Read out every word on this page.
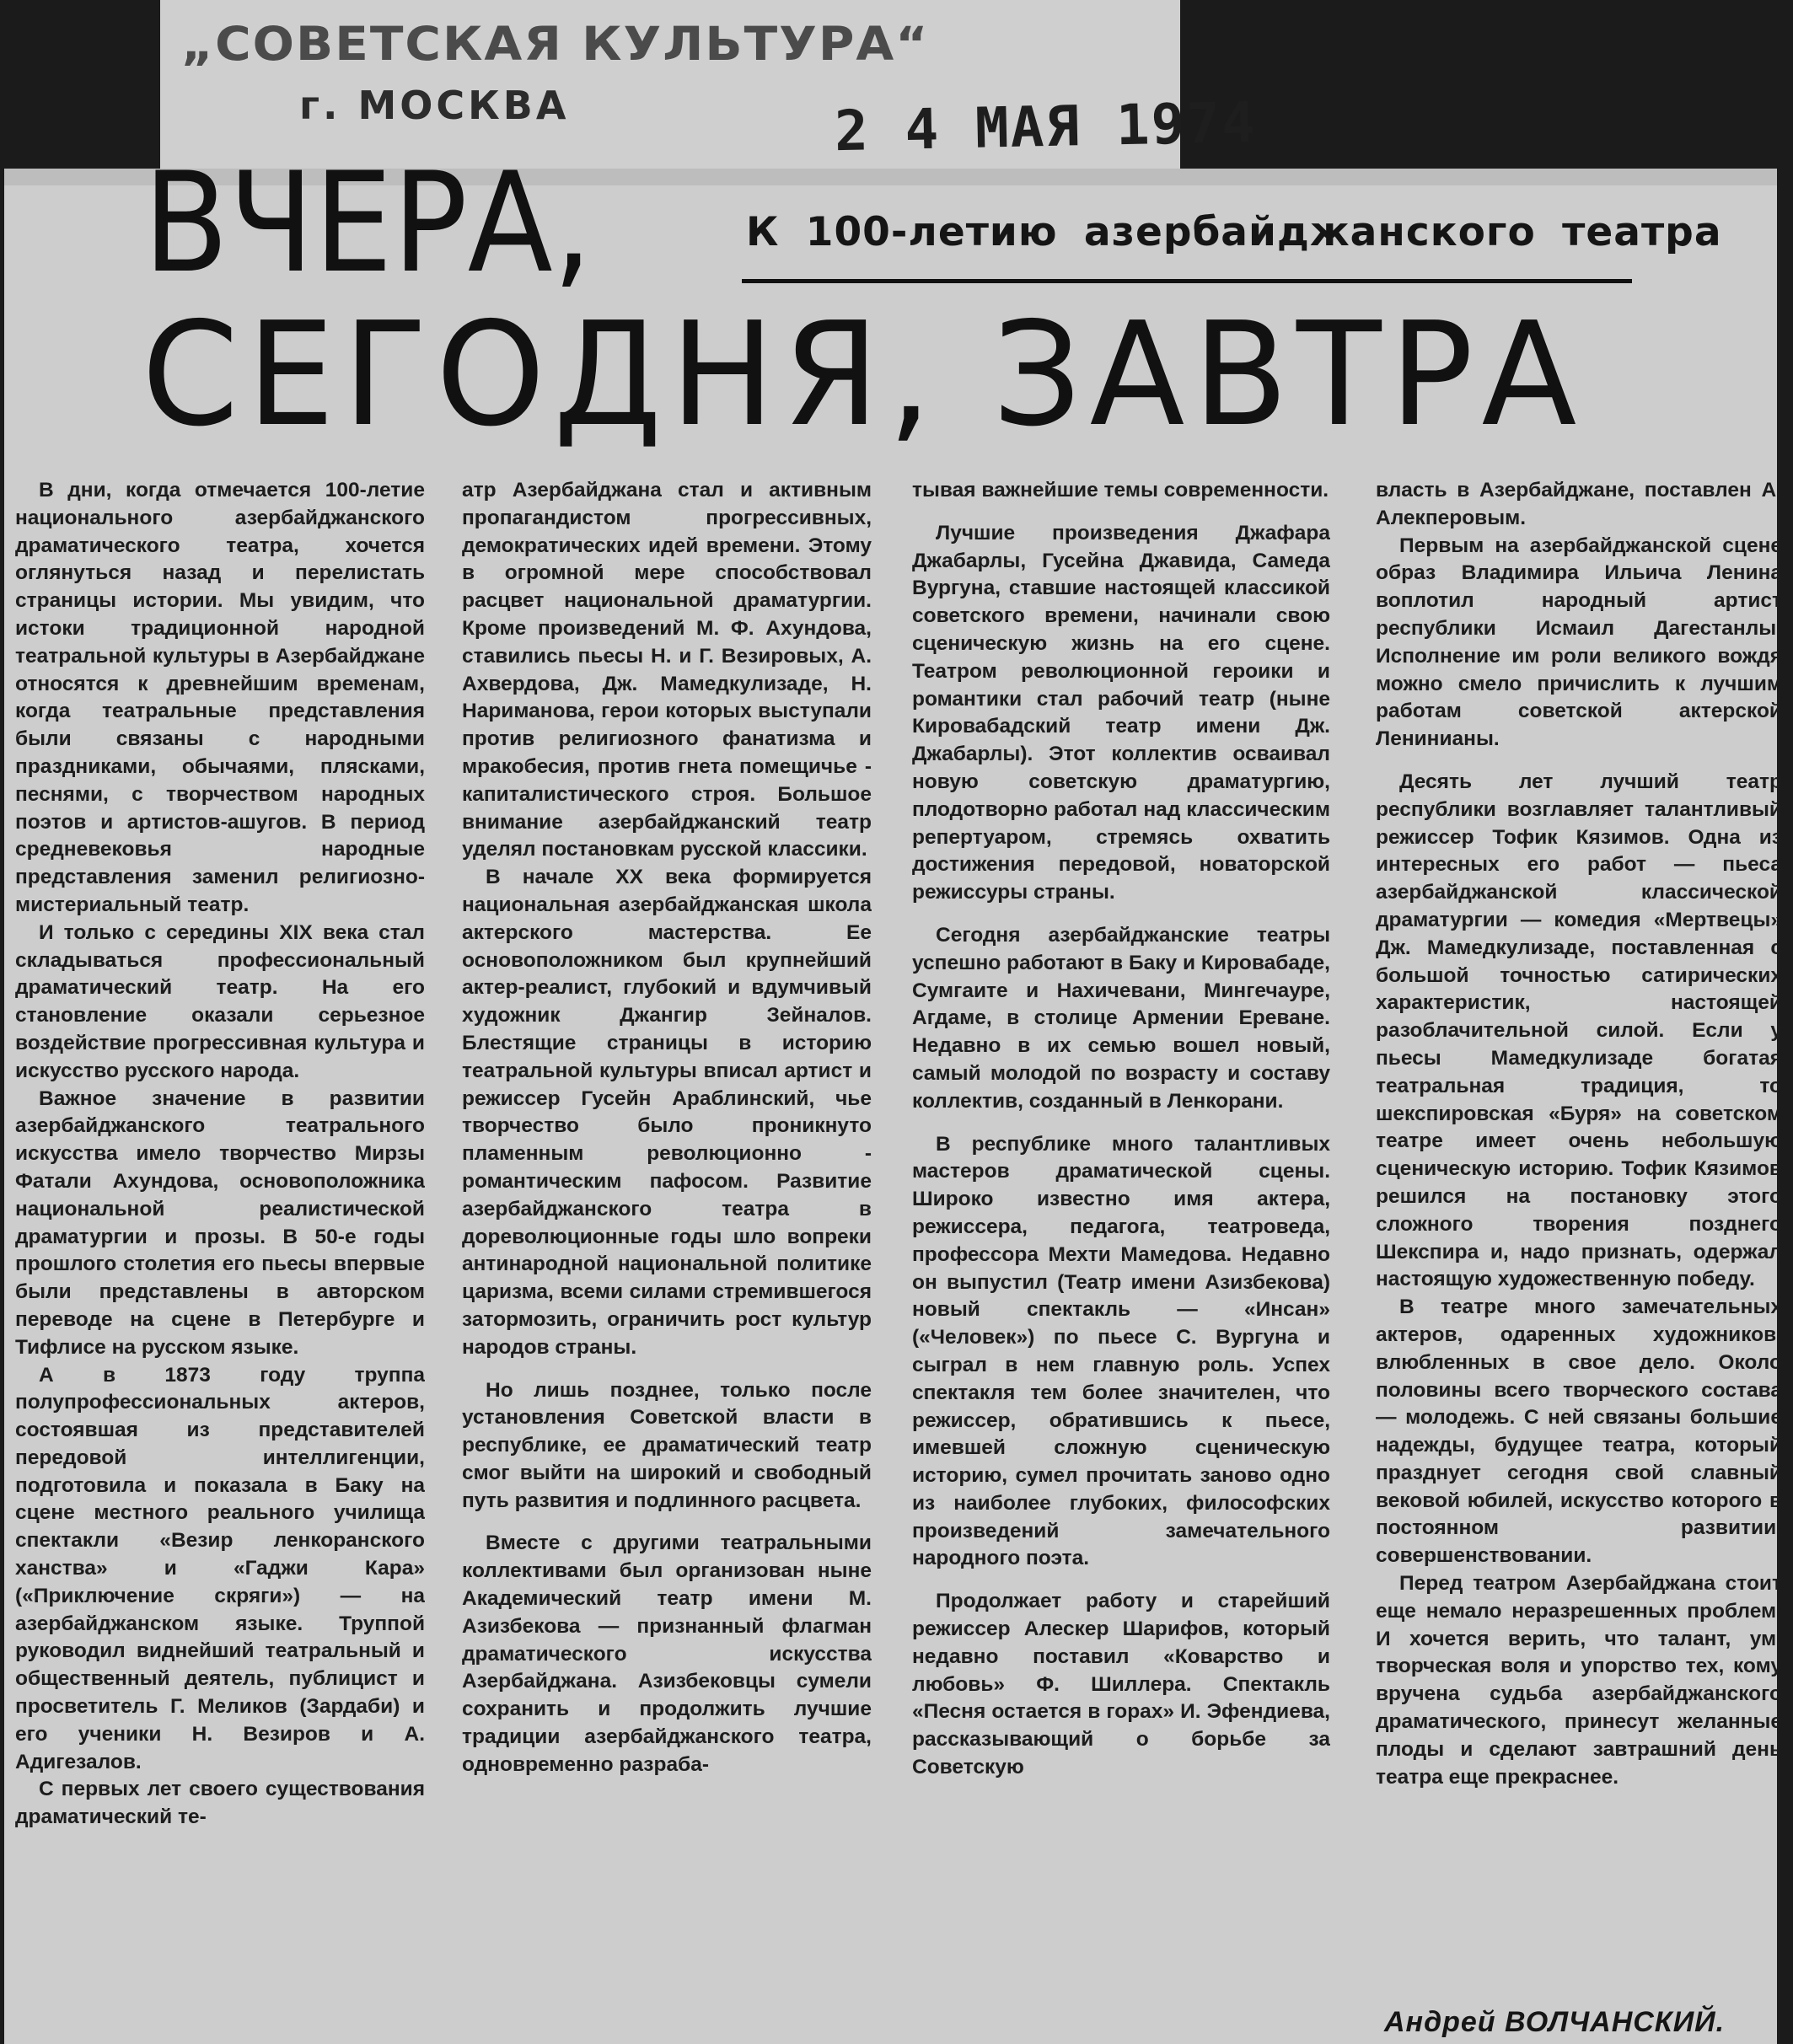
„СОВЕТСКАЯ КУЛЬТУРА“
г. МОСКВА	2 4 МАЯ 1974
ВЧЕРА,	К 100-летию азербайджанского театра
СЕГОДНЯ, ЗАВТРА

В дни, когда отмечается 100-летие национального азербайджанского драматического театра, хочется оглянуться назад и перелистать страницы истории. Мы увидим, что истоки традиционной народной театральной культуры в Азербайджане относятся к древнейшим временам, когда театральные представления были связаны с народными праздниками, обычаями, плясками, песнями, с творчеством народных поэтов и артистов-ашугов. В период средневековья народные представления заменил религиозно-мистериальный театр.

И только с середины XIX века стал складываться профессиональный драматический театр. На его становление оказали серьезное воздействие прогрессивная культура и искусство русского народа.

Важное значение в развитии азербайджанского театрального искусства имело творчество Мирзы Фатали Ахундова, основоположника национальной реалистической драматургии и прозы. В 50-е годы прошлого столетия его пьесы впервые были представлены в авторском переводе на сцене в Петербурге и Тифлисе на русском языке.

А в 1873 году труппа полупрофессиональных актеров, состоявшая из представителей передовой интеллигенции, подготовила и показала в Баку на сцене местного реального училища спектакли «Везир ленкоранского ханства» и «Гаджи Кара» («Приключение скряги») — на азербайджанском языке. Труппой руководил виднейший театральный и общественный деятель, публицист и просветитель Г. Меликов (Зардаби) и его ученики Н. Везиров и А. Адигезалов.

С первых лет своего существования драматический те-

атр Азербайджана стал и активным пропагандистом прогрессивных, демократических идей времени. Этому в огромной мере способствовал расцвет национальной драматургии. Кроме произведений М. Ф. Ахундова, ставились пьесы Н. и Г. Везировых, А. Ахвердова, Дж. Мамедкулизаде, Н. Нариманова, герои которых выступали против религиозного фанатизма и мракобесия, против гнета помещичье - капиталистического строя. Большое внимание азербайджанский театр уделял постановкам русской классики.

В начале XX века формируется национальная азербайджанская школа актерского мастерства. Ее основоположником был крупнейший актер-реалист, глубокий и вдумчивый художник Джангир Зейналов. Блестящие страницы в историю театральной культуры вписал артист и режиссер Гусейн Араблинский, чье творчество было проникнуто пламенным революционно - романтическим пафосом. Развитие азербайджанского театра в дореволюционные годы шло вопреки антинародной национальной политике царизма, всеми силами стремившегося затормозить, ограничить рост культур народов страны.

Но лишь позднее, только после установления Советской власти в республике, ее драматический театр смог выйти на широкий и свободный путь развития и подлинного расцвета.

Вместе с другими театральными коллективами был организован ныне Академический театр имени М. Азизбекова — признанный флагман драматического искусства Азербайджана. Азизбековцы сумели сохранить и продолжить лучшие традиции азербайджанского театра, одновременно разраба-

тывая важнейшие темы современности.

Лучшие произведения Джафара Джабарлы, Гусейна Джавида, Самеда Вургуна, ставшие настоящей классикой советского времени, начинали свою сценическую жизнь на его сцене. Театром революционной героики и романтики стал рабочий театр (ныне Кировабадский театр имени Дж. Джабарлы). Этот коллектив осваивал новую советскую драматургию, плодотворно работал над классическим репертуаром, стремясь охватить достижения передовой, новаторской режиссуры страны.

Сегодня азербайджанские театры успешно работают в Баку и Кировабаде, Сумгаите и Нахичевани, Мингечауре, Агдаме, в столице Армении Ереване. Недавно в их семью вошел новый, самый молодой по возрасту и составу коллектив, созданный в Ленкорани.

В республике много талантливых мастеров драматической сцены. Широко известно имя актера, режиссера, педагога, театроведа, профессора Мехти Мамедова. Недавно он выпустил (Театр имени Азизбекова) новый спектакль — «Инсан» («Человек») по пьесе С. Вургуна и сыграл в нем главную роль. Успех спектакля тем более значителен, что режиссер, обратившись к пьесе, имевшей сложную сценическую историю, сумел прочитать заново одно из наиболее глубоких, философских произведений замечательного народного поэта.

Продолжает работу и старейший режиссер Алескер Шарифов, который недавно поставил «Коварство и любовь» Ф. Шиллера. Спектакль «Песня остается в горах» И. Эфендиева, рассказывающий о борьбе за Советскую

власть в Азербайджане, поставлен А. Алекперовым.

Первым на азербайджанской сцене образ Владимира Ильича Ленина воплотил народный артист республики Исмаил Дагестанлы. Исполнение им роли великого вождя можно смело причислить к лучшим работам советской актерской Ленинианы.

Десять лет лучший театр республики возглавляет талантливый режиссер Тофик Кязимов. Одна из интересных его работ — пьеса азербайджанской классической драматургии — комедия «Мертвецы» Дж. Мамедкулизаде, поставленная с большой точностью сатирических характеристик, настоящей разоблачительной силой. Если у пьесы Мамедкулизаде богатая театральная традиция, то шекспировская «Буря» на советском театре имеет очень небольшую сценическую историю. Тофик Кязимов решился на постановку этого сложного творения позднего Шекспира и, надо признать, одержал настоящую художественную победу.

В театре много замечательных актеров, одаренных художников, влюбленных в свое дело. Около половины всего творческого состава — молодежь. С ней связаны большие надежды, будущее театра, который празднует сегодня свой славный вековой юбилей, искусство которого в постоянном развитии, совершенствовании.

Перед театром Азербайджана стоит еще немало неразрешенных проблем. И хочется верить, что талант, ум, творческая воля и упорство тех, кому вручена судьба азербайджанского драматического, принесут желанные плоды и сделают завтрашний день театра еще прекраснее.

Андрей ВОЛЧАНСКИЙ.
